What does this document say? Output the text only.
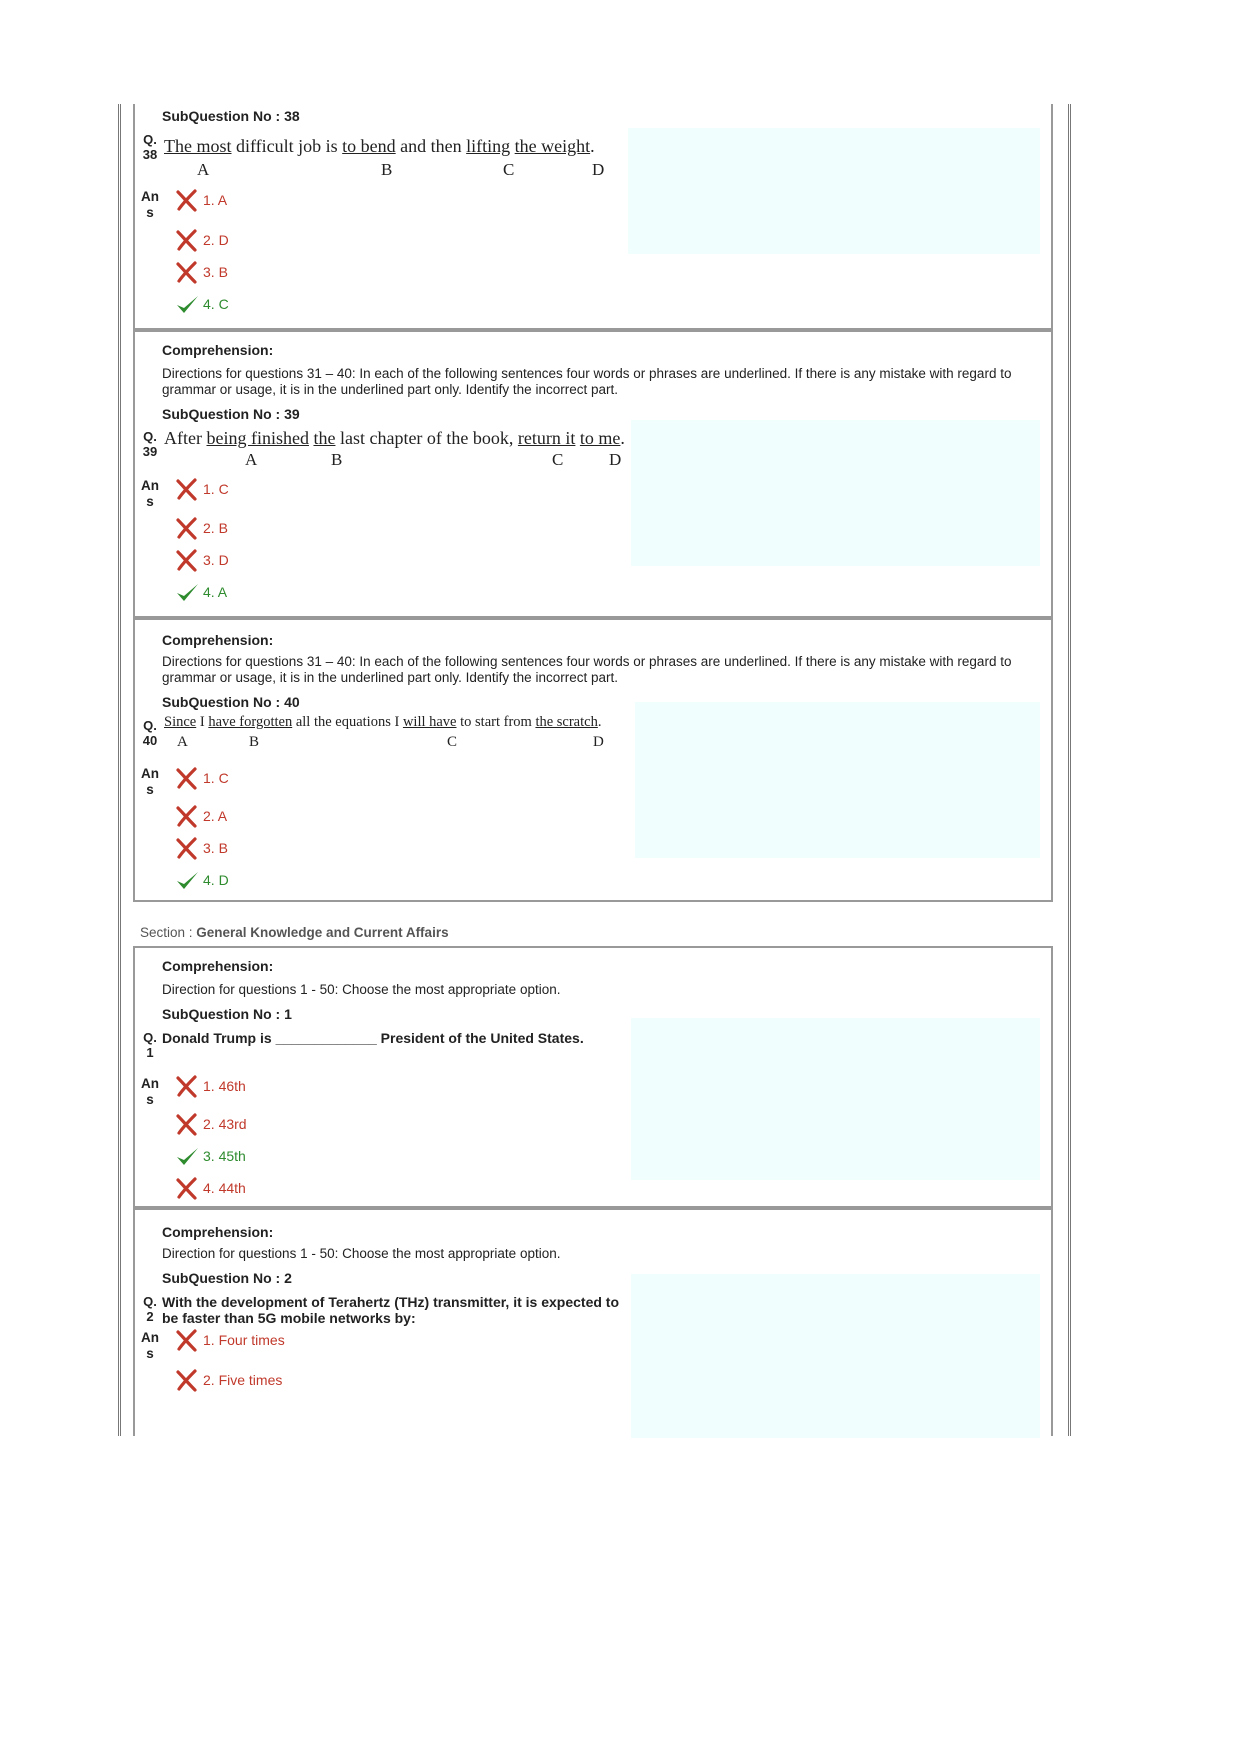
SubQuestion No : 38
Q.
38 The most difficult job is to bend and then lifting the weight.
A	B	C	D
An
s
1. A
2. D
3. B
4. C
Comprehension:
Directions for questions 31 – 40: In each of the following sentences four words or phrases are underlined. If there is any mistake with regard to grammar or usage, it is in the underlined part only. Identify the incorrect part.
SubQuestion No : 39
Q.
39
After being finished the last chapter of the book, return it to me.
A	B	C	D
An
s
1. C
2. B
3. D
4. A
Comprehension:
Directions for questions 31 – 40: In each of the following sentences four words or phrases are underlined. If there is any mistake with regard to grammar or usage, it is in the underlined part only. Identify the incorrect part.
SubQuestion No : 40
Q.
40
Since I have forgotten all the equations I will have to start from the scratch.
A	B	C	D
An
s
1. C
2. A
3. B
4. D
Section : General Knowledge and Current Affairs
Comprehension:
Direction for questions 1 - 50: Choose the most appropriate option.
SubQuestion No : 1
Q.
1
Donald Trump is _____________ President of the United States.
An
s
1. 46th
2. 43rd
3. 45th
4. 44th
Comprehension:
Direction for questions 1 - 50: Choose the most appropriate option.
SubQuestion No : 2
Q.
2
With the development of Terahertz (THz) transmitter, it is expected to
be faster than 5G mobile networks by:
An
s
1. Four times
2. Five times
